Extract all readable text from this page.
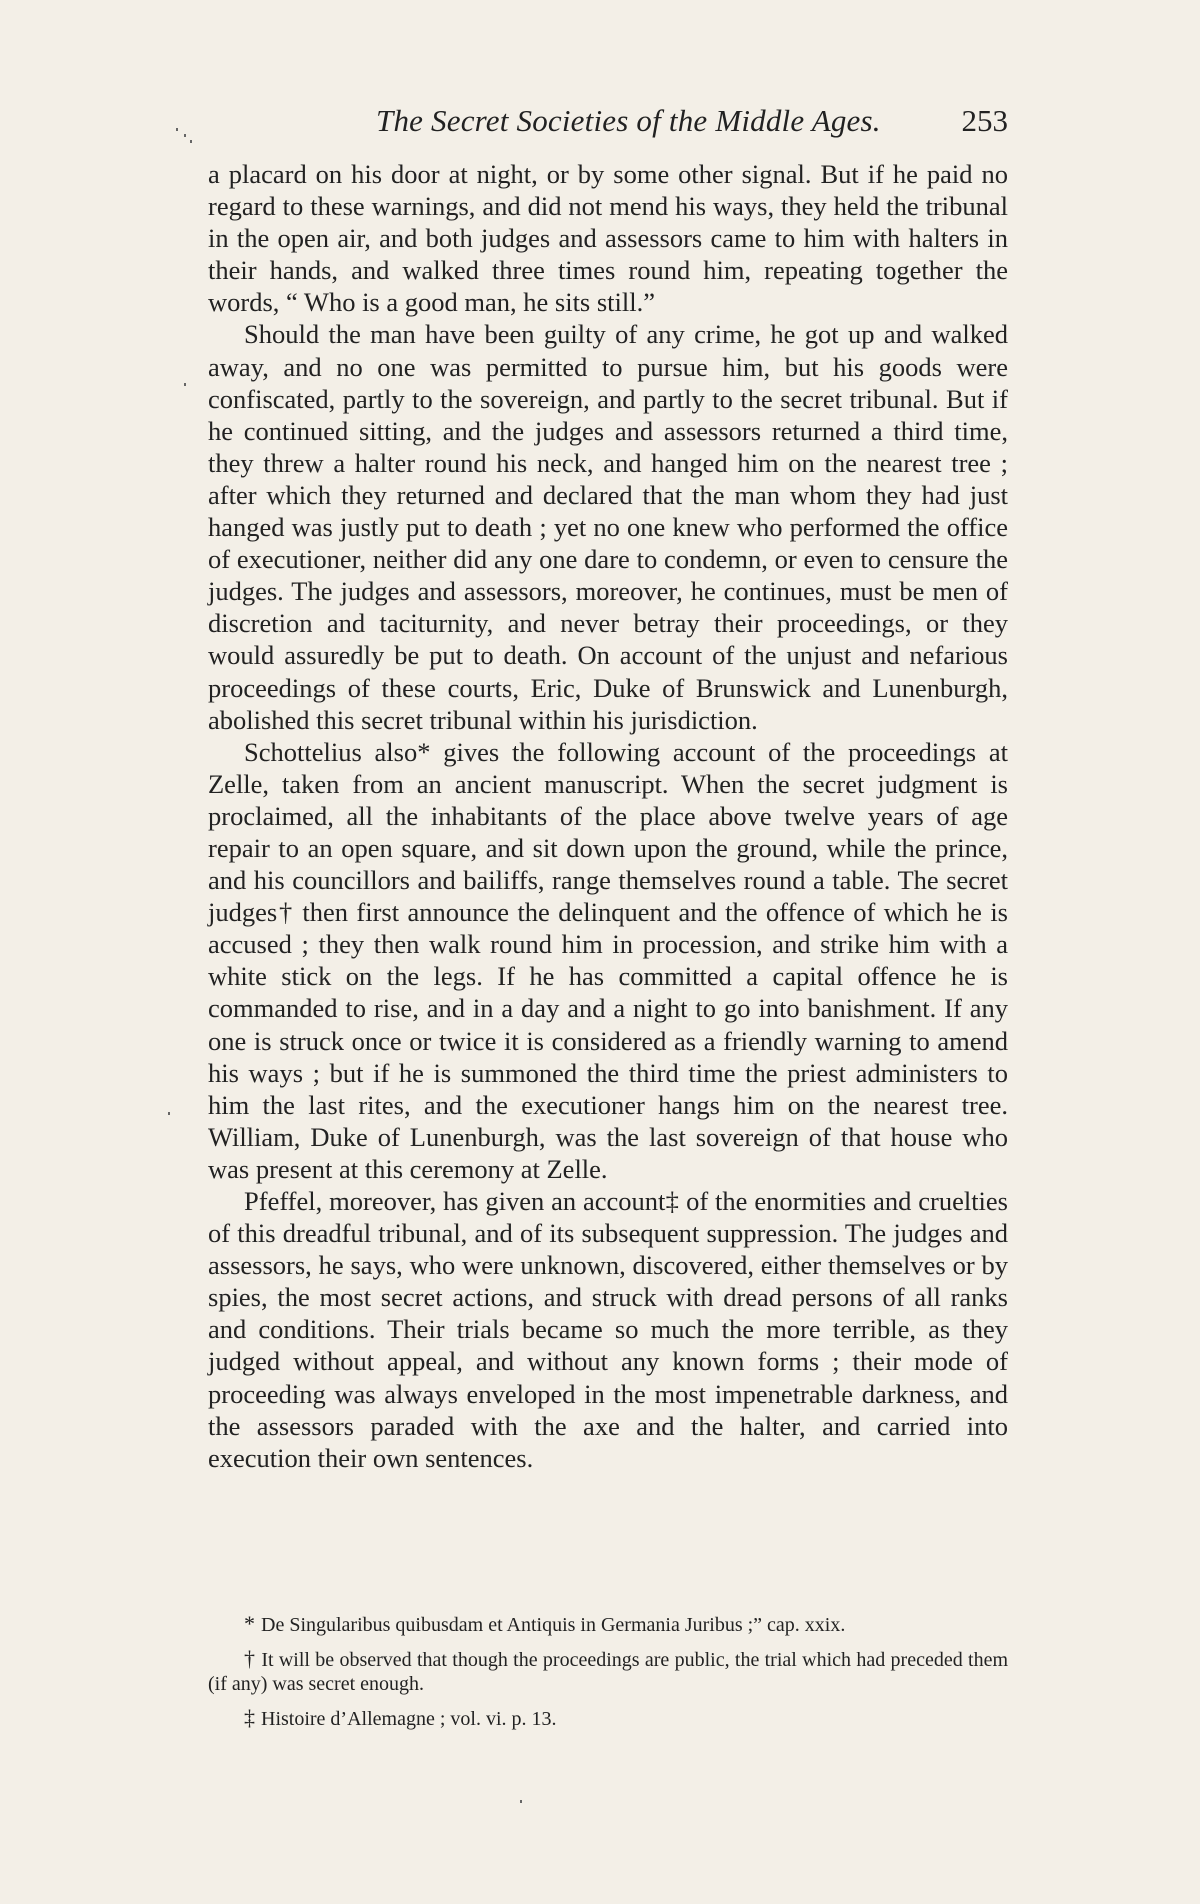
The Secret Societies of the Middle Ages.	253

a placard on his door at night, or by some other signal. But if he paid no regard to these warnings, and did not mend his ways, they held the tribunal in the open air, and both judges and assessors came to him with halters in their hands, and walked three times round him, repeating together the words, “ Who is a good man, he sits still.”

Should the man have been guilty of any crime, he got up and walked away, and no one was permitted to pursue him, but his goods were confiscated, partly to the sovereign, and partly to the secret tribunal. But if he continued sitting, and the judges and assessors returned a third time, they threw a halter round his neck, and hanged him on the nearest tree ; after which they returned and declared that the man whom they had just hanged was justly put to death ; yet no one knew who performed the office of executioner, neither did any one dare to condemn, or even to censure the judges. The judges and assessors, moreover, he continues, must be men of discretion and taciturnity, and never betray their proceedings, or they would assuredly be put to death. On account of the unjust and nefarious proceedings of these courts, Eric, Duke of Brunswick and Lunenburgh, abolished this secret tribunal within his jurisdiction.

Schottelius also* gives the following account of the proceedings at Zelle, taken from an ancient manuscript. When the secret judgment is proclaimed, all the inhabitants of the place above twelve years of age repair to an open square, and sit down upon the ground, while the prince, and his councillors and bailiffs, range themselves round a table. The secret judges† then first announce the delinquent and the offence of which he is accused ; they then walk round him in procession, and strike him with a white stick on the legs. If he has committed a capital offence he is commanded to rise, and in a day and a night to go into banishment. If any one is struck once or twice it is considered as a friendly warning to amend his ways ; but if he is summoned the third time the priest administers to him the last rites, and the executioner hangs him on the nearest tree. William, Duke of Lunenburgh, was the last sovereign of that house who was present at this ceremony at Zelle.

Pfeffel, moreover, has given an account‡ of the enormities and cruelties of this dreadful tribunal, and of its subsequent suppression. The judges and assessors, he says, who were unknown, discovered, either themselves or by spies, the most secret actions, and struck with dread persons of all ranks and conditions. Their trials became so much the more terrible, as they judged without appeal, and without any known forms ; their mode of proceeding was always enveloped in the most impenetrable darkness, and the assessors paraded with the axe and the halter, and carried into execution their own sentences.

* De Singularibus quibusdam et Antiquis in Germania Juribus ;” cap. xxix.

† It will be observed that though the proceedings are public, the trial which had preceded them (if any) was secret enough.

‡ Histoire d’Allemagne ; vol. vi. p. 13.
